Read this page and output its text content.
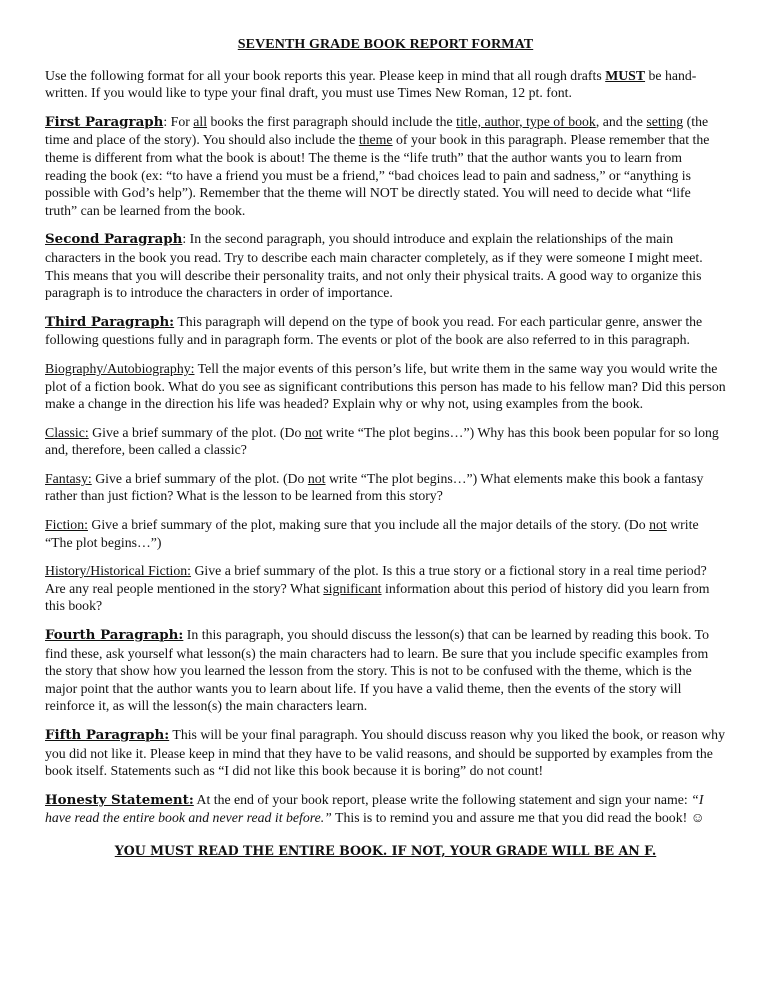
SEVENTH GRADE BOOK REPORT FORMAT

Use the following format for all your book reports this year. Please keep in mind that all rough drafts MUST be hand-written. If you would like to type your final draft, you must use Times New Roman, 12 pt. font.

First Paragraph: For all books the first paragraph should include the title, author, type of book, and the setting (the time and place of the story). You should also include the theme of your book in this paragraph. Please remember that the theme is different from what the book is about! The theme is the “life truth” that the author wants you to learn from reading the book (ex: “to have a friend you must be a friend,” “bad choices lead to pain and sadness,” or “anything is possible with God’s help”). Remember that the theme will NOT be directly stated. You will need to decide what “life truth” can be learned from the book.

Second Paragraph: In the second paragraph, you should introduce and explain the relationships of the main characters in the book you read. Try to describe each main character completely, as if they were someone I might meet. This means that you will describe their personality traits, and not only their physical traits. A good way to organize this paragraph is to introduce the characters in order of importance.

Third Paragraph: This paragraph will depend on the type of book you read. For each particular genre, answer the following questions fully and in paragraph form. The events or plot of the book are also referred to in this paragraph.

Biography/Autobiography: Tell the major events of this person’s life, but write them in the same way you would write the plot of a fiction book. What do you see as significant contributions this person has made to his fellow man? Did this person make a change in the direction his life was headed? Explain why or why not, using examples from the book.

Classic: Give a brief summary of the plot. (Do not write “The plot begins…”) Why has this book been popular for so long and, therefore, been called a classic?

Fantasy: Give a brief summary of the plot. (Do not write “The plot begins…”) What elements make this book a fantasy rather than just fiction? What is the lesson to be learned from this story?

Fiction: Give a brief summary of the plot, making sure that you include all the major details of the story. (Do not write “The plot begins…”)

History/Historical Fiction: Give a brief summary of the plot. Is this a true story or a fictional story in a real time period? Are any real people mentioned in the story? What significant information about this period of history did you learn from this book?

Fourth Paragraph: In this paragraph, you should discuss the lesson(s) that can be learned by reading this book. To find these, ask yourself what lesson(s) the main characters had to learn. Be sure that you include specific examples from the story that show how you learned the lesson from the story. This is not to be confused with the theme, which is the major point that the author wants you to learn about life. If you have a valid theme, then the events of the story will reinforce it, as will the lesson(s) the main characters learn.

Fifth Paragraph: This will be your final paragraph. You should discuss reason why you liked the book, or reason why you did not like it. Please keep in mind that they have to be valid reasons, and should be supported by examples from the book itself. Statements such as “I did not like this book because it is boring” do not count!

Honesty Statement: At the end of your book report, please write the following statement and sign your name: “I have read the entire book and never read it before.” This is to remind you and assure me that you did read the book! ☺

YOU MUST READ THE ENTIRE BOOK. IF NOT, YOUR GRADE WILL BE AN F.
